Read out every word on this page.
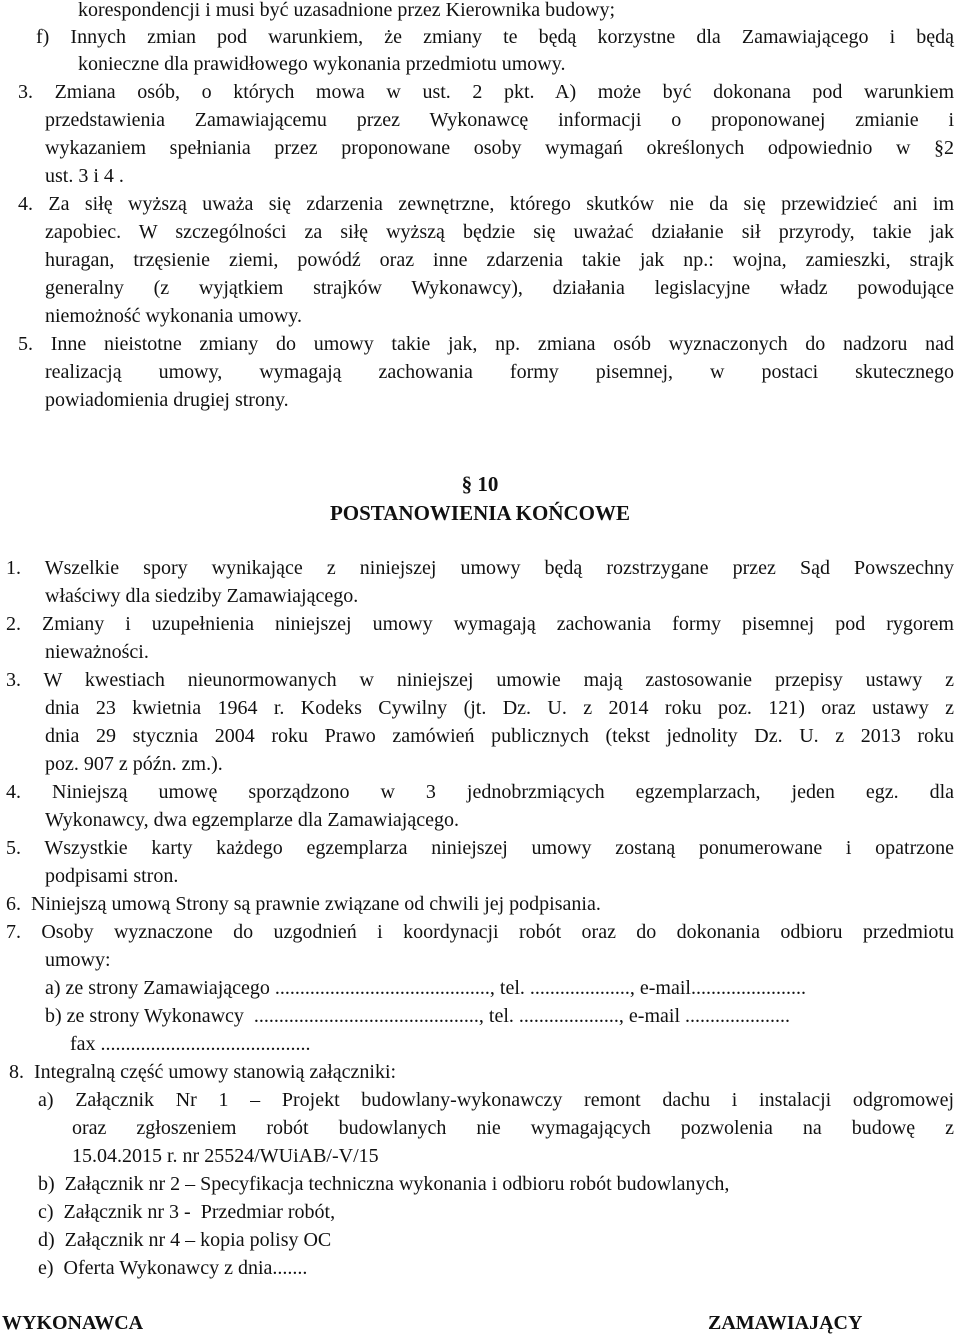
korespondencji i musi być uzasadnione przez Kierownika budowy;
f) Innych zmian pod warunkiem, że zmiany te będą korzystne dla Zamawiającego i będą
konieczne dla prawidłowego wykonania przedmiotu umowy.
3. Zmiana osób, o których mowa w ust. 2 pkt. A) może być dokonana pod warunkiem
przedstawienia Zamawiającemu przez Wykonawcę informacji o proponowanej zmianie i
wykazaniem spełniania przez proponowane osoby wymagań określonych odpowiednio w §2
ust. 3 i 4 .
4. Za siłę wyższą uważa się zdarzenia zewnętrzne, którego skutków nie da się przewidzieć ani im
zapobiec. W szczególności za siłę wyższą będzie się uważać działanie sił przyrody, takie jak
huragan, trzęsienie ziemi, powódź oraz inne zdarzenia takie jak np.: wojna, zamieszki, strajk
generalny (z wyjątkiem strajków Wykonawcy), działania legislacyjne władz powodujące
niemożność wykonania umowy.
5. Inne nieistotne zmiany do umowy takie jak, np. zmiana osób wyznaczonych do nadzoru nad
realizacją umowy, wymagają zachowania formy pisemnej, w postaci skutecznego
powiadomienia drugiej strony.
§ 10
POSTANOWIENIA KOŃCOWE
1. Wszelkie spory wynikające z niniejszej umowy będą rozstrzygane przez Sąd Powszechny
właściwy dla siedziby Zamawiającego.
2. Zmiany i uzupełnienia niniejszej umowy wymagają zachowania formy pisemnej pod rygorem
nieważności.
3. W kwestiach nieunormowanych w niniejszej umowie mają zastosowanie przepisy ustawy z
dnia 23 kwietnia 1964 r. Kodeks Cywilny (jt. Dz. U. z 2014 roku poz. 121) oraz ustawy z
dnia 29 stycznia 2004 roku Prawo zamówień publicznych (tekst jednolity Dz. U. z 2013 roku
poz. 907 z późn. zm.).
4. Niniejszą umowę sporządzono w 3 jednobrzmiących egzemplarzach, jeden egz. dla
Wykonawcy, dwa egzemplarze dla Zamawiającego.
5. Wszystkie karty każdego egzemplarza niniejszej umowy zostaną ponumerowane i opatrzone
podpisami stron.
6.  Niniejszą umową Strony są prawnie związane od chwili jej podpisania.
7. Osoby wyznaczone do uzgodnień i koordynacji robót oraz do dokonania odbioru przedmiotu
umowy:
a) ze strony Zamawiającego ..........................................., tel. ...................., e-mail.......................
b) ze strony Wykonawcy  ............................................., tel. ...................., e-mail .....................
fax ..........................................
8.  Integralną część umowy stanowią załączniki:
a) Załącznik Nr 1 – Projekt budowlany-wykonawczy remont dachu i instalacji odgromowej
oraz zgłoszeniem robót budowlanych nie wymagających pozwolenia na budowę z
15.04.2015 r. nr 25524/WUiAB/-V/15
b)  Załącznik nr 2 – Specyfikacja techniczna wykonania i odbioru robót budowlanych,
c)  Załącznik nr 3 -  Przedmiar robót,
d)  Załącznik nr 4 – kopia polisy OC
e)  Oferta Wykonawcy z dnia.......
WYKONAWCA	ZAMAWIAJĄCY
